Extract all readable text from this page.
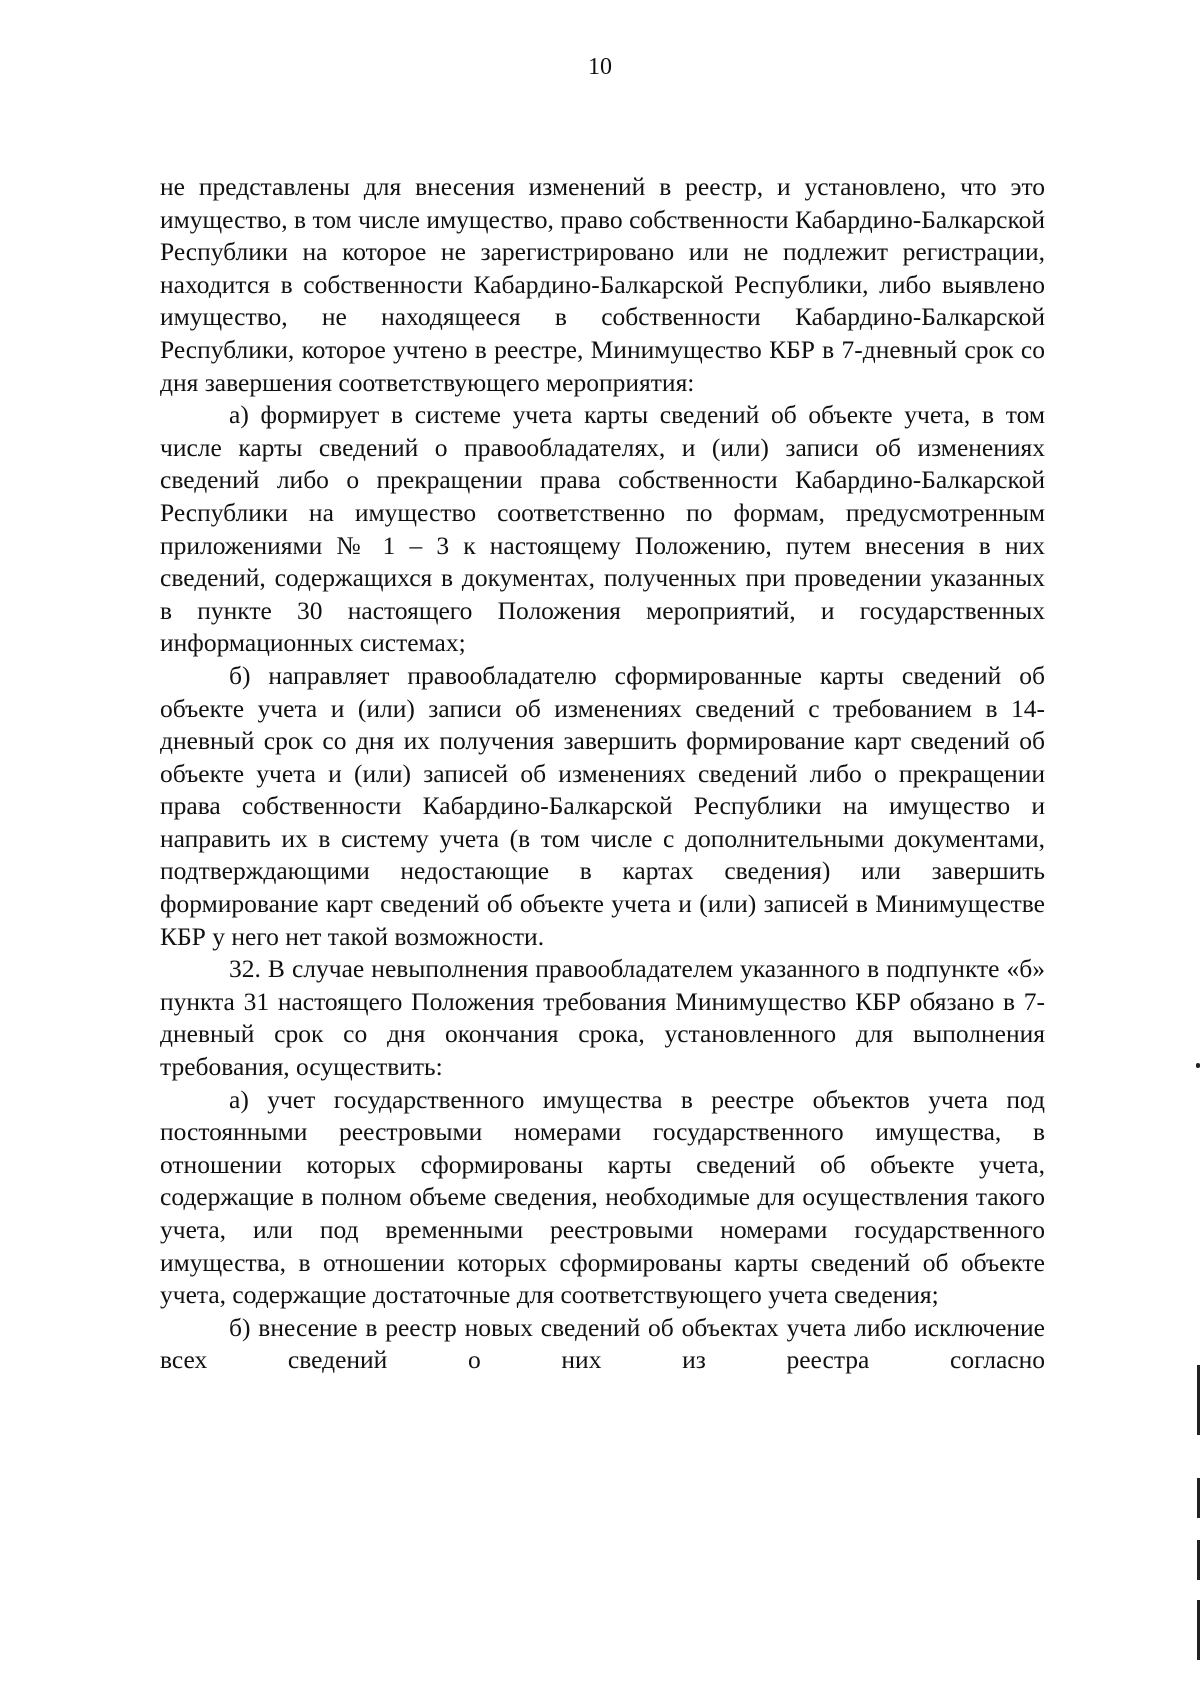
10

не представлены для внесения изменений в реестр, и установлено, что это имущество, в том числе имущество, право собственности Кабардино-Балкарской Республики на которое не зарегистрировано или не подлежит регистрации, находится в собственности Кабардино-Балкарской Республики, либо выявлено имущество, не находящееся в собственности Кабардино-Балкарской Республики, которое учтено в реестре, Минимущество КБР в 7-дневный срок со дня завершения соответствующего мероприятия:

а) формирует в системе учета карты сведений об объекте учета, в том числе карты сведений о правообладателях, и (или) записи об изменениях сведений либо о прекращении права собственности Кабардино-Балкарской Республики на имущество соответственно по формам, предусмотренным приложениями № 1 – 3 к настоящему Положению, путем внесения в них сведений, содержащихся в документах, полученных при проведении указанных в пункте 30 настоящего Положения мероприятий, и государственных информационных системах;

б) направляет правообладателю сформированные карты сведений об объекте учета и (или) записи об изменениях сведений с требованием в 14-дневный срок со дня их получения завершить формирование карт сведений об объекте учета и (или) записей об изменениях сведений либо о прекращении права собственности Кабардино-Балкарской Республики на имущество и направить их в систему учета (в том числе с дополнительными документами, подтверждающими недостающие в картах сведения) или завершить формирование карт сведений об объекте учета и (или) записей в Минимуществе КБР у него нет такой возможности.

32. В случае невыполнения правообладателем указанного в подпункте «б» пункта 31 настоящего Положения требования Минимущество КБР обязано в 7-дневный срок со дня окончания срока, установленного для выполнения требования, осуществить:

а) учет государственного имущества в реестре объектов учета под постоянными реестровыми номерами государственного имущества, в отношении которых сформированы карты сведений об объекте учета, содержащие в полном объеме сведения, необходимые для осуществления такого учета, или под временными реестровыми номерами государственного имущества, в отношении которых сформированы карты сведений об объекте учета, содержащие достаточные для соответствующего учета сведения;

б) внесение в реестр новых сведений об объектах учета либо исключение всех сведений о них из реестра согласно
